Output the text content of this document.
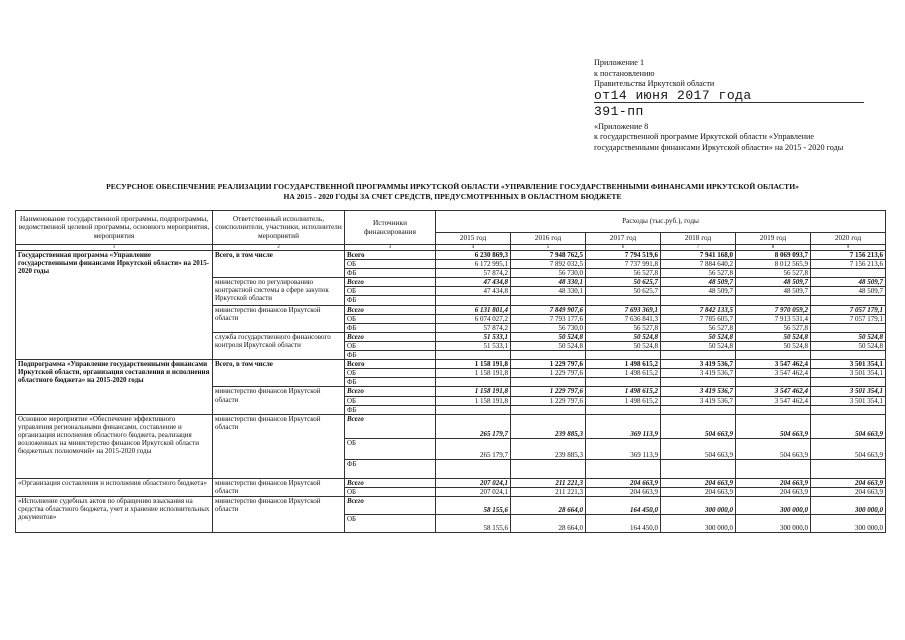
Приложение 1
к постановлению
Правительства Иркутской области
от14 июня 2017 года
391-пп
«Приложение 8
к государственной программе Иркутской области «Управление государственными финансами Иркутской области» на 2015 - 2020 годы
РЕСУРСНОЕ ОБЕСПЕЧЕНИЕ РЕАЛИЗАЦИИ ГОСУДАРСТВЕННОЙ ПРОГРАММЫ ИРКУТСКОЙ ОБЛАСТИ «УПРАВЛЕНИЕ ГОСУДАРСТВЕННЫМИ ФИНАНСАМИ ИРКУТСКОЙ ОБЛАСТИ»
НА 2015 - 2020 ГОДЫ ЗА СЧЕТ СРЕДСТВ, ПРЕДУСМОТРЕННЫХ В ОБЛАСТНОМ БЮДЖЕТЕ
Наименование государственной программы, подпрограммы, ведомственной целевой программы, основного мероприятия, мероприятия	Ответственный исполнитель, соисполнители, участники, исполнители мероприятий	Источники финансирования	Расходы (тыс.руб.), годы					
			2015 год	2016 год	2017 год	2018 год	2019 год	2020 год
1	2	3	4	5	6	7	8	9
Государственная программа «Управление государственными финансами Иркутской области» на 2015-2020 годы	Всего, в том числе	Всего	6 230 869,3	7 948 762,5	7 794 519,6	7 941 168,0	8 069 093,7	7 156 213,6
		ОБ	6 172 995,1	7 892 032,5	7 737 991,8	7 884 640,2	8 012 565,9	7 156 213,6
		ФБ	57 874,2	56 730,0	56 527,8	56 527,8	56 527,8	
	министерство по регулированию контрактной системы в сфере закупок Иркутской области	Всего	47 434,8	48 330,1	50 625,7	48 509,7	48 509,7	48 509,7
		ОБ	47 434,8	48 330,1	50 625,7	48 509,7	48 509,7	48 509,7
		ФБ						
	министерство финансов Иркутской области	Всего	6 131 801,4	7 849 907,6	7 693 369,1	7 842 133,5	7 970 059,2	7 057 179,1
		ОБ	6 074 027,2	7 793 177,6	7 636 841,3	7 785 605,7	7 913 531,4	7 057 179,1
		ФБ	57 874,2	56 730,0	56 527,8	56 527,8	56 527,8	
	служба государственного финансового контроля Иркутской области	Всего	51 533,1	50 524,8	50 524,8	50 524,8	50 524,8	50 524,8
		ОБ	51 533,1	50 524,8	50 524,8	50 524,8	50 524,8	50 524,8
		ФБ						
Подпрограмма «Управление государственными финансами Иркутской области, организация составления и исполнения областного бюджета» на 2015-2020 годы	Всего, в том числе	Всего	1 158 191,8	1 229 797,6	1 498 615,2	3 419 536,7	3 547 462,4	3 501 354,1
		ОБ	1 158 191,8	1 229 797,6	1 498 615,2	3 419 536,7	3 547 462,4	3 501 354,1
		ФБ						
	министерство финансов Иркутской области	Всего	1 158 191,8	1 229 797,6	1 498 615,2	3 419 536,7	3 547 462,4	3 501 354,1
		ОБ	1 158 191,8	1 229 797,6	1 498 615,2	3 419 536,7	3 547 462,4	3 501 354,1
		ФБ						
Основное мероприятие «Обеспечение эффективного управления региональными финансами, составление и организация исполнения областного бюджета, реализация возложенных на министерство финансов Иркутской области бюджетных полномочий» на 2015-2020 годы	министерство финансов Иркутской области	Всего	265 179,7	239 885,3	369 113,9	504 663,9	504 663,9	504 663,9
		ОБ	265 179,7	239 885,3	369 113,9	504 663,9	504 663,9	504 663,9
		ФБ						
«Организация составления и исполнения областного бюджета»	министерство финансов Иркутской области	Всего	207 024,1	211 221,3	204 663,9	204 663,9	204 663,9	204 663,9
		ОБ	207 024,1	211 221,3	204 663,9	204 663,9	204 663,9	204 663,9
«Исполнение судебных актов по обращению взыскания на средства областного бюджета, учет и хранение исполнительных документов»	министерство финансов Иркутской области	Всего	58 155,6	28 664,0	164 450,0	300 000,0	300 000,0	300 000,0
		ОБ	58 155,6	28 664,0	164 450,0	300 000,0	300 000,0	300 000,0
